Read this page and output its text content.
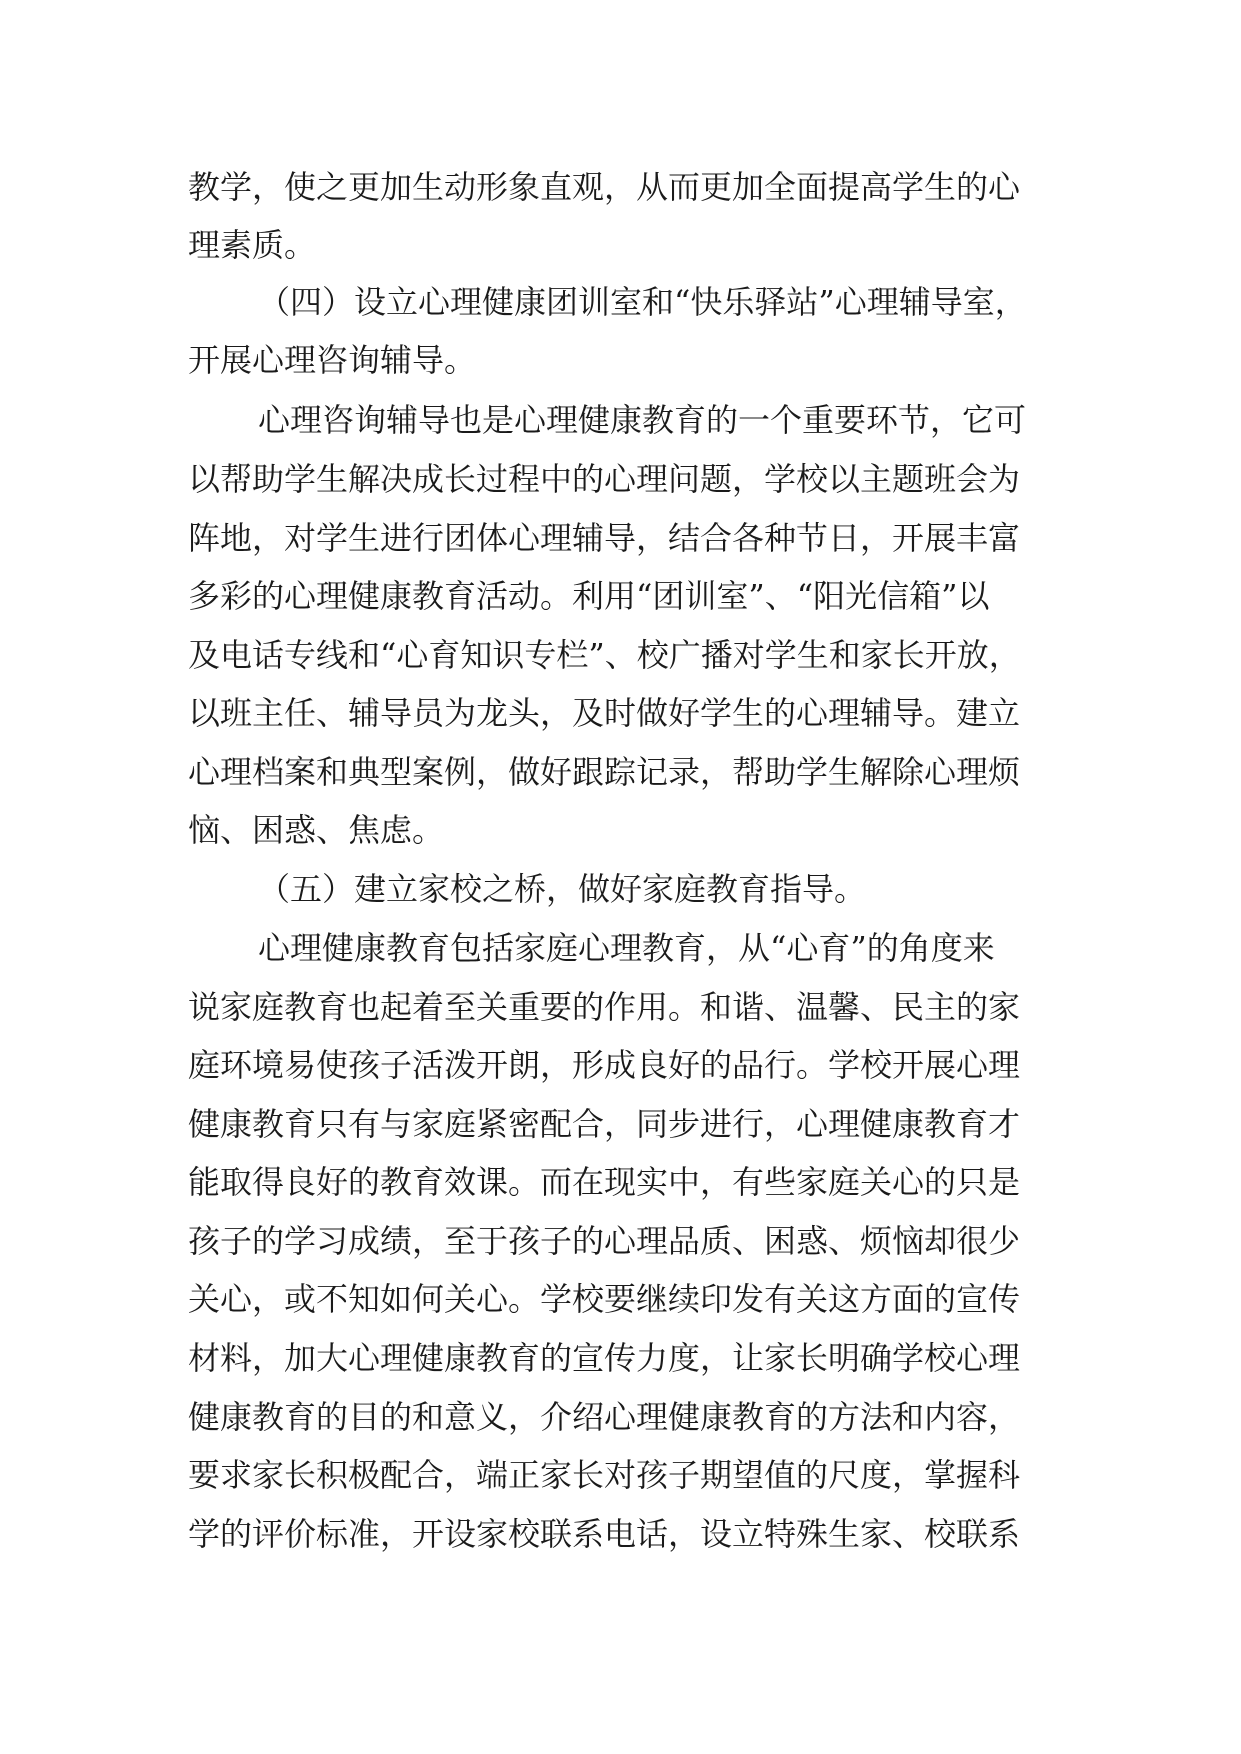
教学，使之更加生动形象直观，从而更加全面提高学生的心
理素质。
（四）设立心理健康团训室和“快乐驿站”心理辅导室，
开展心理咨询辅导。
心理咨询辅导也是心理健康教育的一个重要环节，它可
以帮助学生解决成长过程中的心理问题，学校以主题班会为
阵地，对学生进行团体心理辅导，结合各种节日，开展丰富
多彩的心理健康教育活动。利用“团训室”、“阳光信箱”以
及电话专线和“心育知识专栏”、校广播对学生和家长开放，
以班主任、辅导员为龙头，及时做好学生的心理辅导。建立
心理档案和典型案例，做好跟踪记录，帮助学生解除心理烦
恼、困惑、焦虑。
（五）建立家校之桥，做好家庭教育指导。
心理健康教育包括家庭心理教育，从“心育”的角度来
说家庭教育也起着至关重要的作用。和谐、温馨、民主的家
庭环境易使孩子活泼开朗，形成良好的品行。学校开展心理
健康教育只有与家庭紧密配合，同步进行，心理健康教育才
能取得良好的教育效课。而在现实中，有些家庭关心的只是
孩子的学习成绩，至于孩子的心理品质、困惑、烦恼却很少
关心，或不知如何关心。学校要继续印发有关这方面的宣传
材料，加大心理健康教育的宣传力度，让家长明确学校心理
健康教育的目的和意义，介绍心理健康教育的方法和内容，
要求家长积极配合，端正家长对孩子期望值的尺度，掌握科
学的评价标准，开设家校联系电话，设立特殊生家、校联系
